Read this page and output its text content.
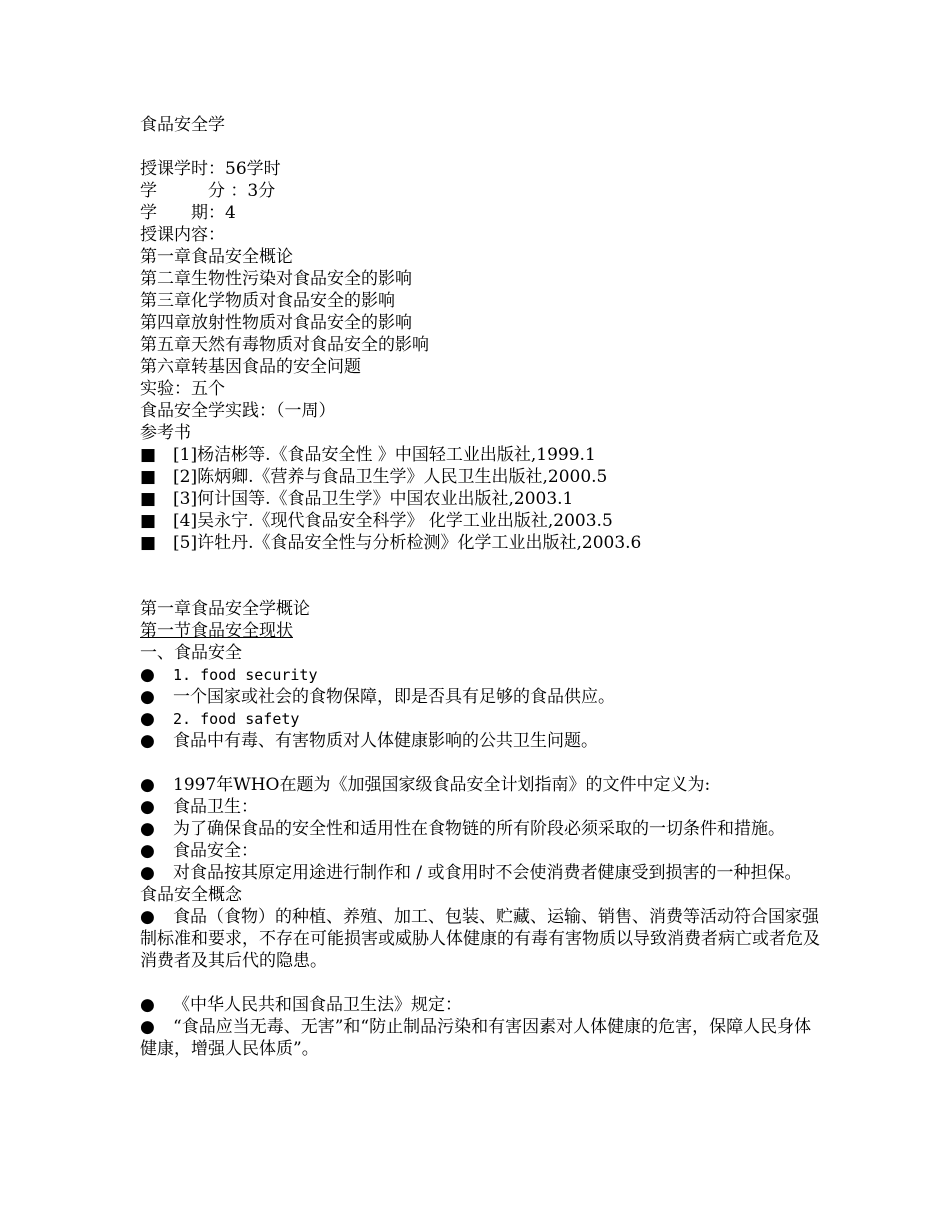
食品安全学
授课学时：56学时
学　　　分 ：3分
学　　期：4
授课内容：
第一章食品安全概论
第二章生物性污染对食品安全的影响
第三章化学物质对食品安全的影响
第四章放射性物质对食品安全的影响
第五章天然有毒物质对食品安全的影响
第六章转基因食品的安全问题
实验：五个
食品安全学实践：（一周）
参考书
■ [1]杨洁彬等.《食品安全性 》中国轻工业出版社,1999.1
■ [2]陈炳卿.《营养与食品卫生学》人民卫生出版社,2000.5
■ [3]何计国等.《食品卫生学》中国农业出版社,2003.1
■ [4]吴永宁.《现代食品安全科学》 化学工业出版社,2003.5
■ [5]许牡丹.《食品安全性与分析检测》化学工业出版社,2003.6
第一章食品安全学概论
第一节食品安全现状
一、食品安全
●	1. food security
●	一个国家或社会的食物保障，即是否具有足够的食品供应。
●	2. food safety
●	食品中有毒、有害物质对人体健康影响的公共卫生问题。
●	1997年WHO在题为《加强国家级食品安全计划指南》的文件中定义为:
●	食品卫生：
● 为了确保食品的安全性和适用性在食物链的所有阶段必须采取的一切条件和措施。
●	食品安全：
● 对食品按其原定用途进行制作和 / 或食用时不会使消费者健康受到损害的一种担保。
食品安全概念
● 食品（食物）的种植、养殖、加工、包装、贮藏、运输、销售、消费等活动符合国家强制标准和要求，不存在可能损害或威胁人体健康的有毒有害物质以导致消费者病亡或者危及消费者及其后代的隐患。
●	《中华人民共和国食品卫生法》规定：
● “食品应当无毒、无害”和“防止制品污染和有害因素对人体健康的危害，保障人民身体健康，增强人民体质”。
